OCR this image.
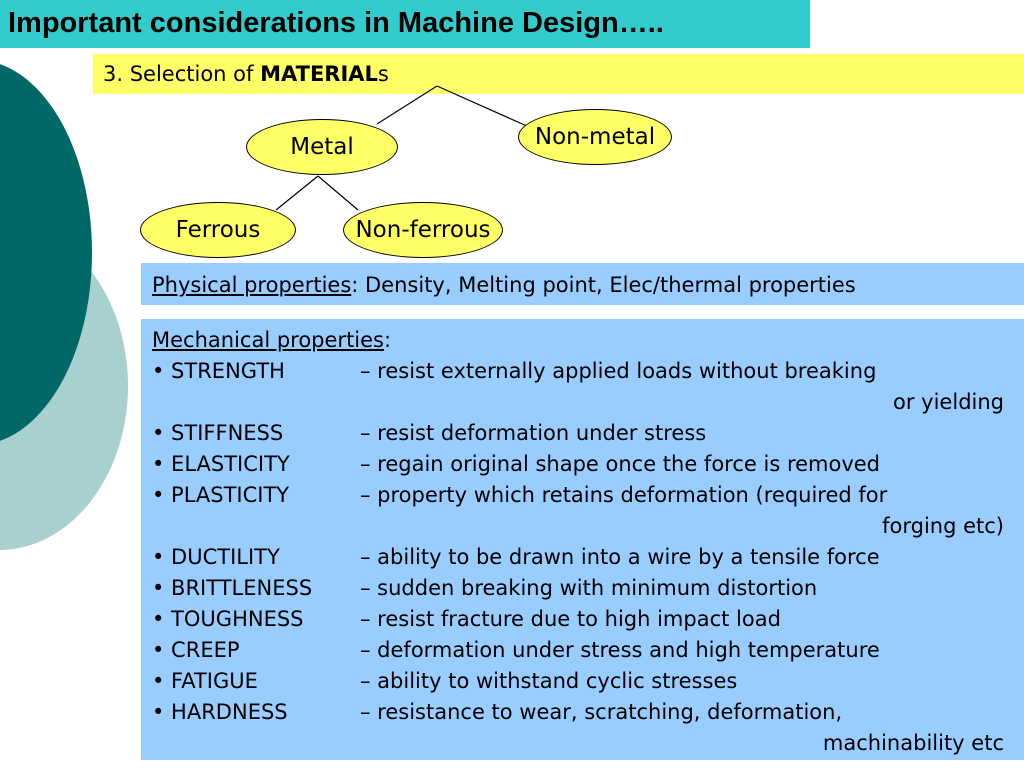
Important considerations in Machine Design…..
3. Selection of MATERIALs
Metal	Non-metal
Ferrous	Non-ferrous
Physical properties: Density, Melting point, Elec/thermal properties
Mechanical properties:
• STRENGTH	– resist externally applied loads without breaking
or yielding
• STIFFNESS	– resist deformation under stress
• ELASTICITY	– regain original shape once the force is removed
• PLASTICITY	– property which retains deformation (required for
forging etc)
• DUCTILITY	– ability to be drawn into a wire by a tensile force
• BRITTLENESS	– sudden breaking with minimum distortion
• TOUGHNESS	– resist fracture due to high impact load
• CREEP	– deformation under stress and high temperature
• FATIGUE	– ability to withstand cyclic stresses
• HARDNESS	– resistance to wear, scratching, deformation,
machinability etc
